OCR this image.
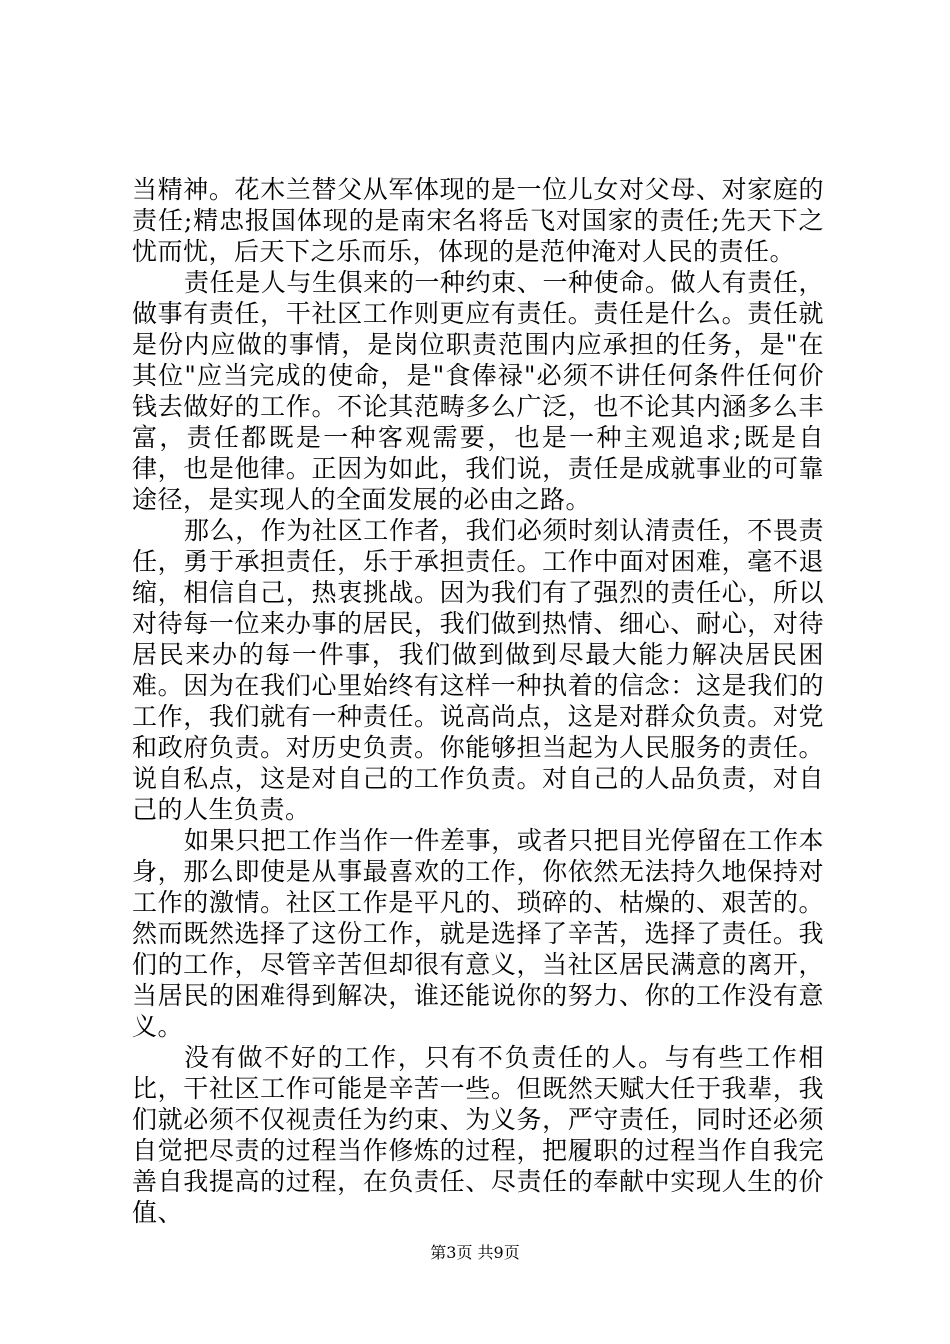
当精神。花木兰替父从军体现的是一位儿女对父母、对家庭的责任;精忠报国体现的是南宋名将岳飞对国家的责任;先天下之忧而忧，后天下之乐而乐，体现的是范仲淹对人民的责任。

责任是人与生俱来的一种约束、一种使命。做人有责任，做事有责任，干社区工作则更应有责任。责任是什么。责任就是份内应做的事情，是岗位职责范围内应承担的任务，是"在其位"应当完成的使命，是"食俸禄"必须不讲任何条件任何价钱去做好的工作。不论其范畴多么广泛，也不论其内涵多么丰富，责任都既是一种客观需要，也是一种主观追求;既是自律，也是他律。正因为如此，我们说，责任是成就事业的可靠途径，是实现人的全面发展的必由之路。

那么，作为社区工作者，我们必须时刻认清责任，不畏责任，勇于承担责任，乐于承担责任。工作中面对困难，毫不退缩，相信自己，热衷挑战。因为我们有了强烈的责任心，所以对待每一位来办事的居民，我们做到热情、细心、耐心，对待居民来办的每一件事，我们做到做到尽最大能力解决居民困难。因为在我们心里始终有这样一种执着的信念：这是我们的工作，我们就有一种责任。说高尚点，这是对群众负责。对党和政府负责。对历史负责。你能够担当起为人民服务的责任。说自私点，这是对自己的工作负责。对自己的人品负责，对自己的人生负责。

如果只把工作当作一件差事，或者只把目光停留在工作本身，那么即使是从事最喜欢的工作，你依然无法持久地保持对工作的激情。社区工作是平凡的、琐碎的、枯燥的、艰苦的。然而既然选择了这份工作，就是选择了辛苦，选择了责任。我们的工作，尽管辛苦但却很有意义，当社区居民满意的离开，当居民的困难得到解决，谁还能说你的努力、你的工作没有意义。

没有做不好的工作，只有不负责任的人。与有些工作相比，干社区工作可能是辛苦一些。但既然天赋大任于我辈，我们就必须不仅视责任为约束、为义务，严守责任，同时还必须自觉把尽责的过程当作修炼的过程，把履职的过程当作自我完善自我提高的过程，在负责任、尽责任的奉献中实现人生的价值、

第3页 共9页
